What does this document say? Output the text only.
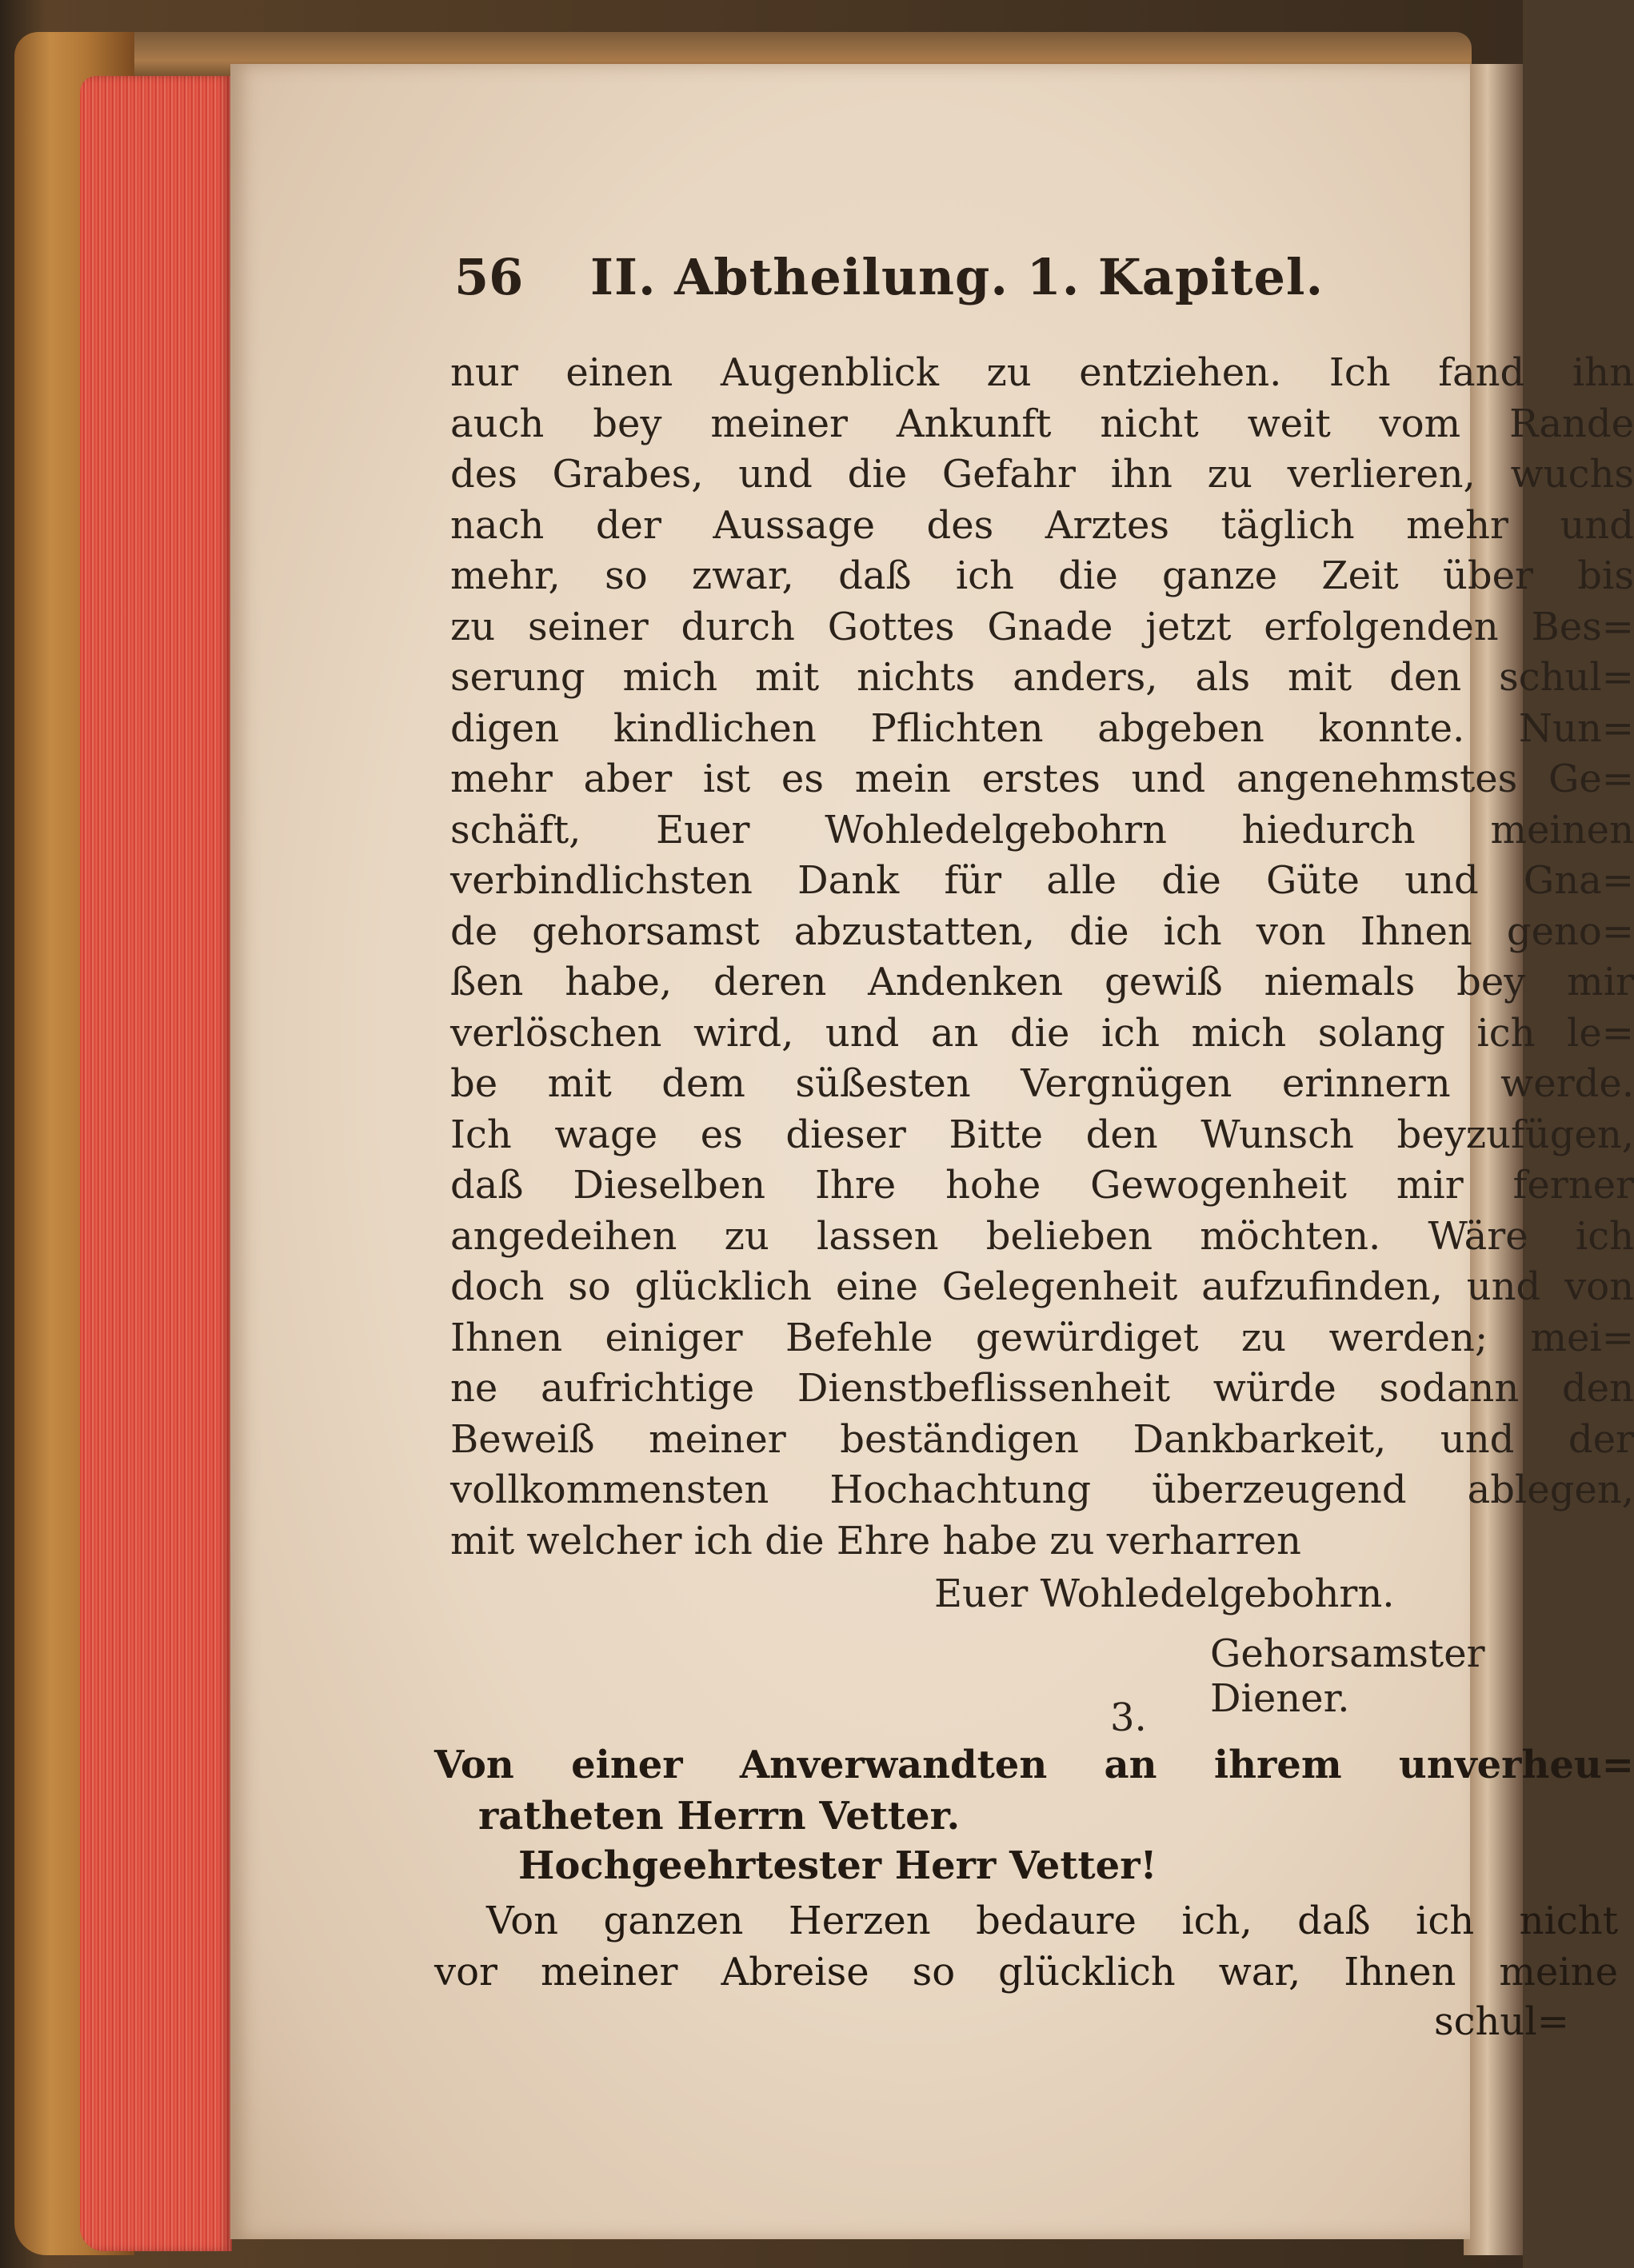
56 II. Abtheilung. 1. Kapitel.
nur einen Augenblick zu entziehen. Ich fand ihn
auch bey meiner Ankunft nicht weit vom Rande
des Grabes, und die Gefahr ihn zu verlieren, wuchs
nach der Aussage des Arztes täglich mehr und
mehr, so zwar, daß ich die ganze Zeit über bis
zu seiner durch Gottes Gnade jetzt erfolgenden Bes=
serung mich mit nichts anders, als mit den schul=
digen kindlichen Pflichten abgeben konnte. Nun=
mehr aber ist es mein erstes und angenehmstes Ge=
schäft, Euer Wohledelgebohrn hiedurch meinen
verbindlichsten Dank für alle die Güte und Gna=
de gehorsamst abzustatten, die ich von Ihnen geno=
ßen habe, deren Andenken gewiß niemals bey mir
verlöschen wird, und an die ich mich solang ich le=
be mit dem süßesten Vergnügen erinnern werde.
Ich wage es dieser Bitte den Wunsch beyzufügen,
daß Dieselben Ihre hohe Gewogenheit mir ferner
angedeihen zu lassen belieben möchten. Wäre ich
doch so glücklich eine Gelegenheit aufzufinden, und von
Ihnen einiger Befehle gewürdiget zu werden; mei=
ne aufrichtige Dienstbeflissenheit würde sodann den
Beweiß meiner beständigen Dankbarkeit, und der
vollkommensten Hochachtung überzeugend ablegen,
mit welcher ich die Ehre habe zu verharren
Euer Wohledelgebohrn.
Gehorsamster Diener.
3.
Von einer Anverwandten an ihrem unverheu=
ratheten Herrn Vetter.
Hochgeehrtester Herr Vetter!
Von ganzen Herzen bedaure ich, daß ich nicht
vor meiner Abreise so glücklich war, Ihnen meine
schul=
